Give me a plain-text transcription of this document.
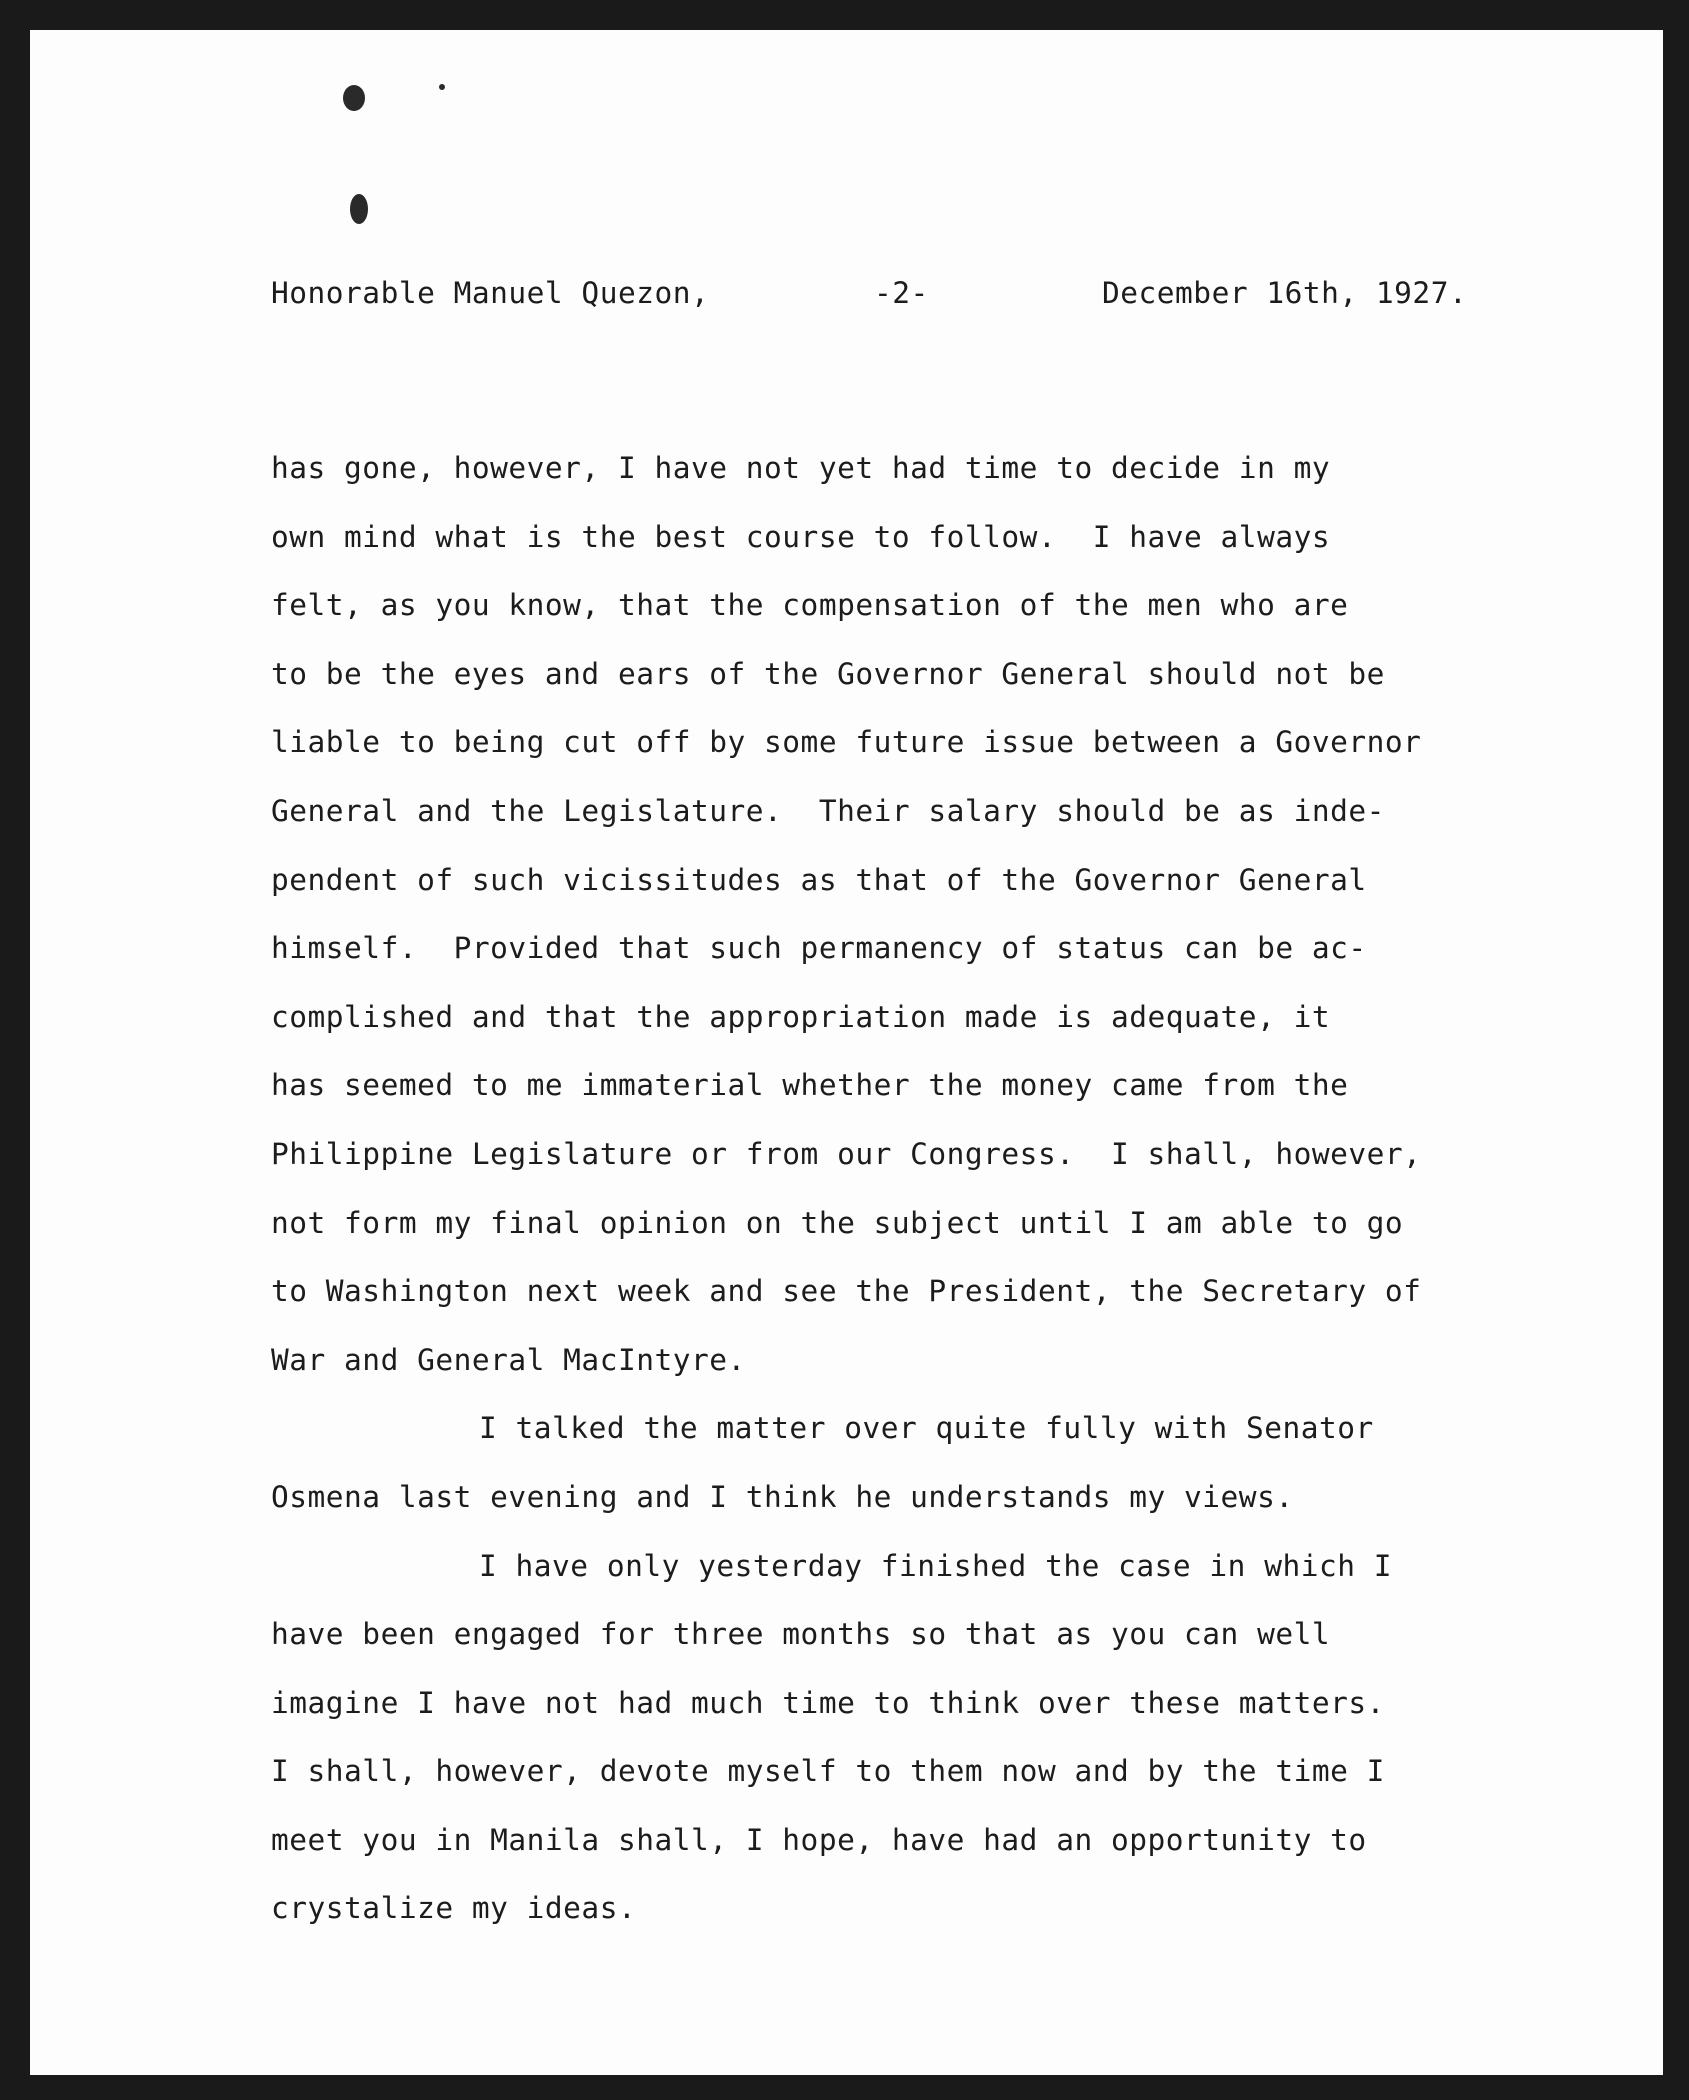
Honorable Manuel Quezon,	-2-	December 16th, 1927.
has gone, however, I have not yet had time to decide in my
own mind what is the best course to follow.  I have always
felt, as you know, that the compensation of the men who are
to be the eyes and ears of the Governor General should not be
liable to being cut off by some future issue between a Governor
General and the Legislature.  Their salary should be as inde-
pendent of such vicissitudes as that of the Governor General
himself.  Provided that such permanency of status can be ac-
complished and that the appropriation made is adequate, it
has seemed to me immaterial whether the money came from the
Philippine Legislature or from our Congress.  I shall, however,
not form my final opinion on the subject until I am able to go
to Washington next week and see the President, the Secretary of
War and General MacIntyre.
I talked the matter over quite fully with Senator
Osmena last evening and I think he understands my views.
I have only yesterday finished the case in which I
have been engaged for three months so that as you can well
imagine I have not had much time to think over these matters.
I shall, however, devote myself to them now and by the time I
meet you in Manila shall, I hope, have had an opportunity to
crystalize my ideas.
